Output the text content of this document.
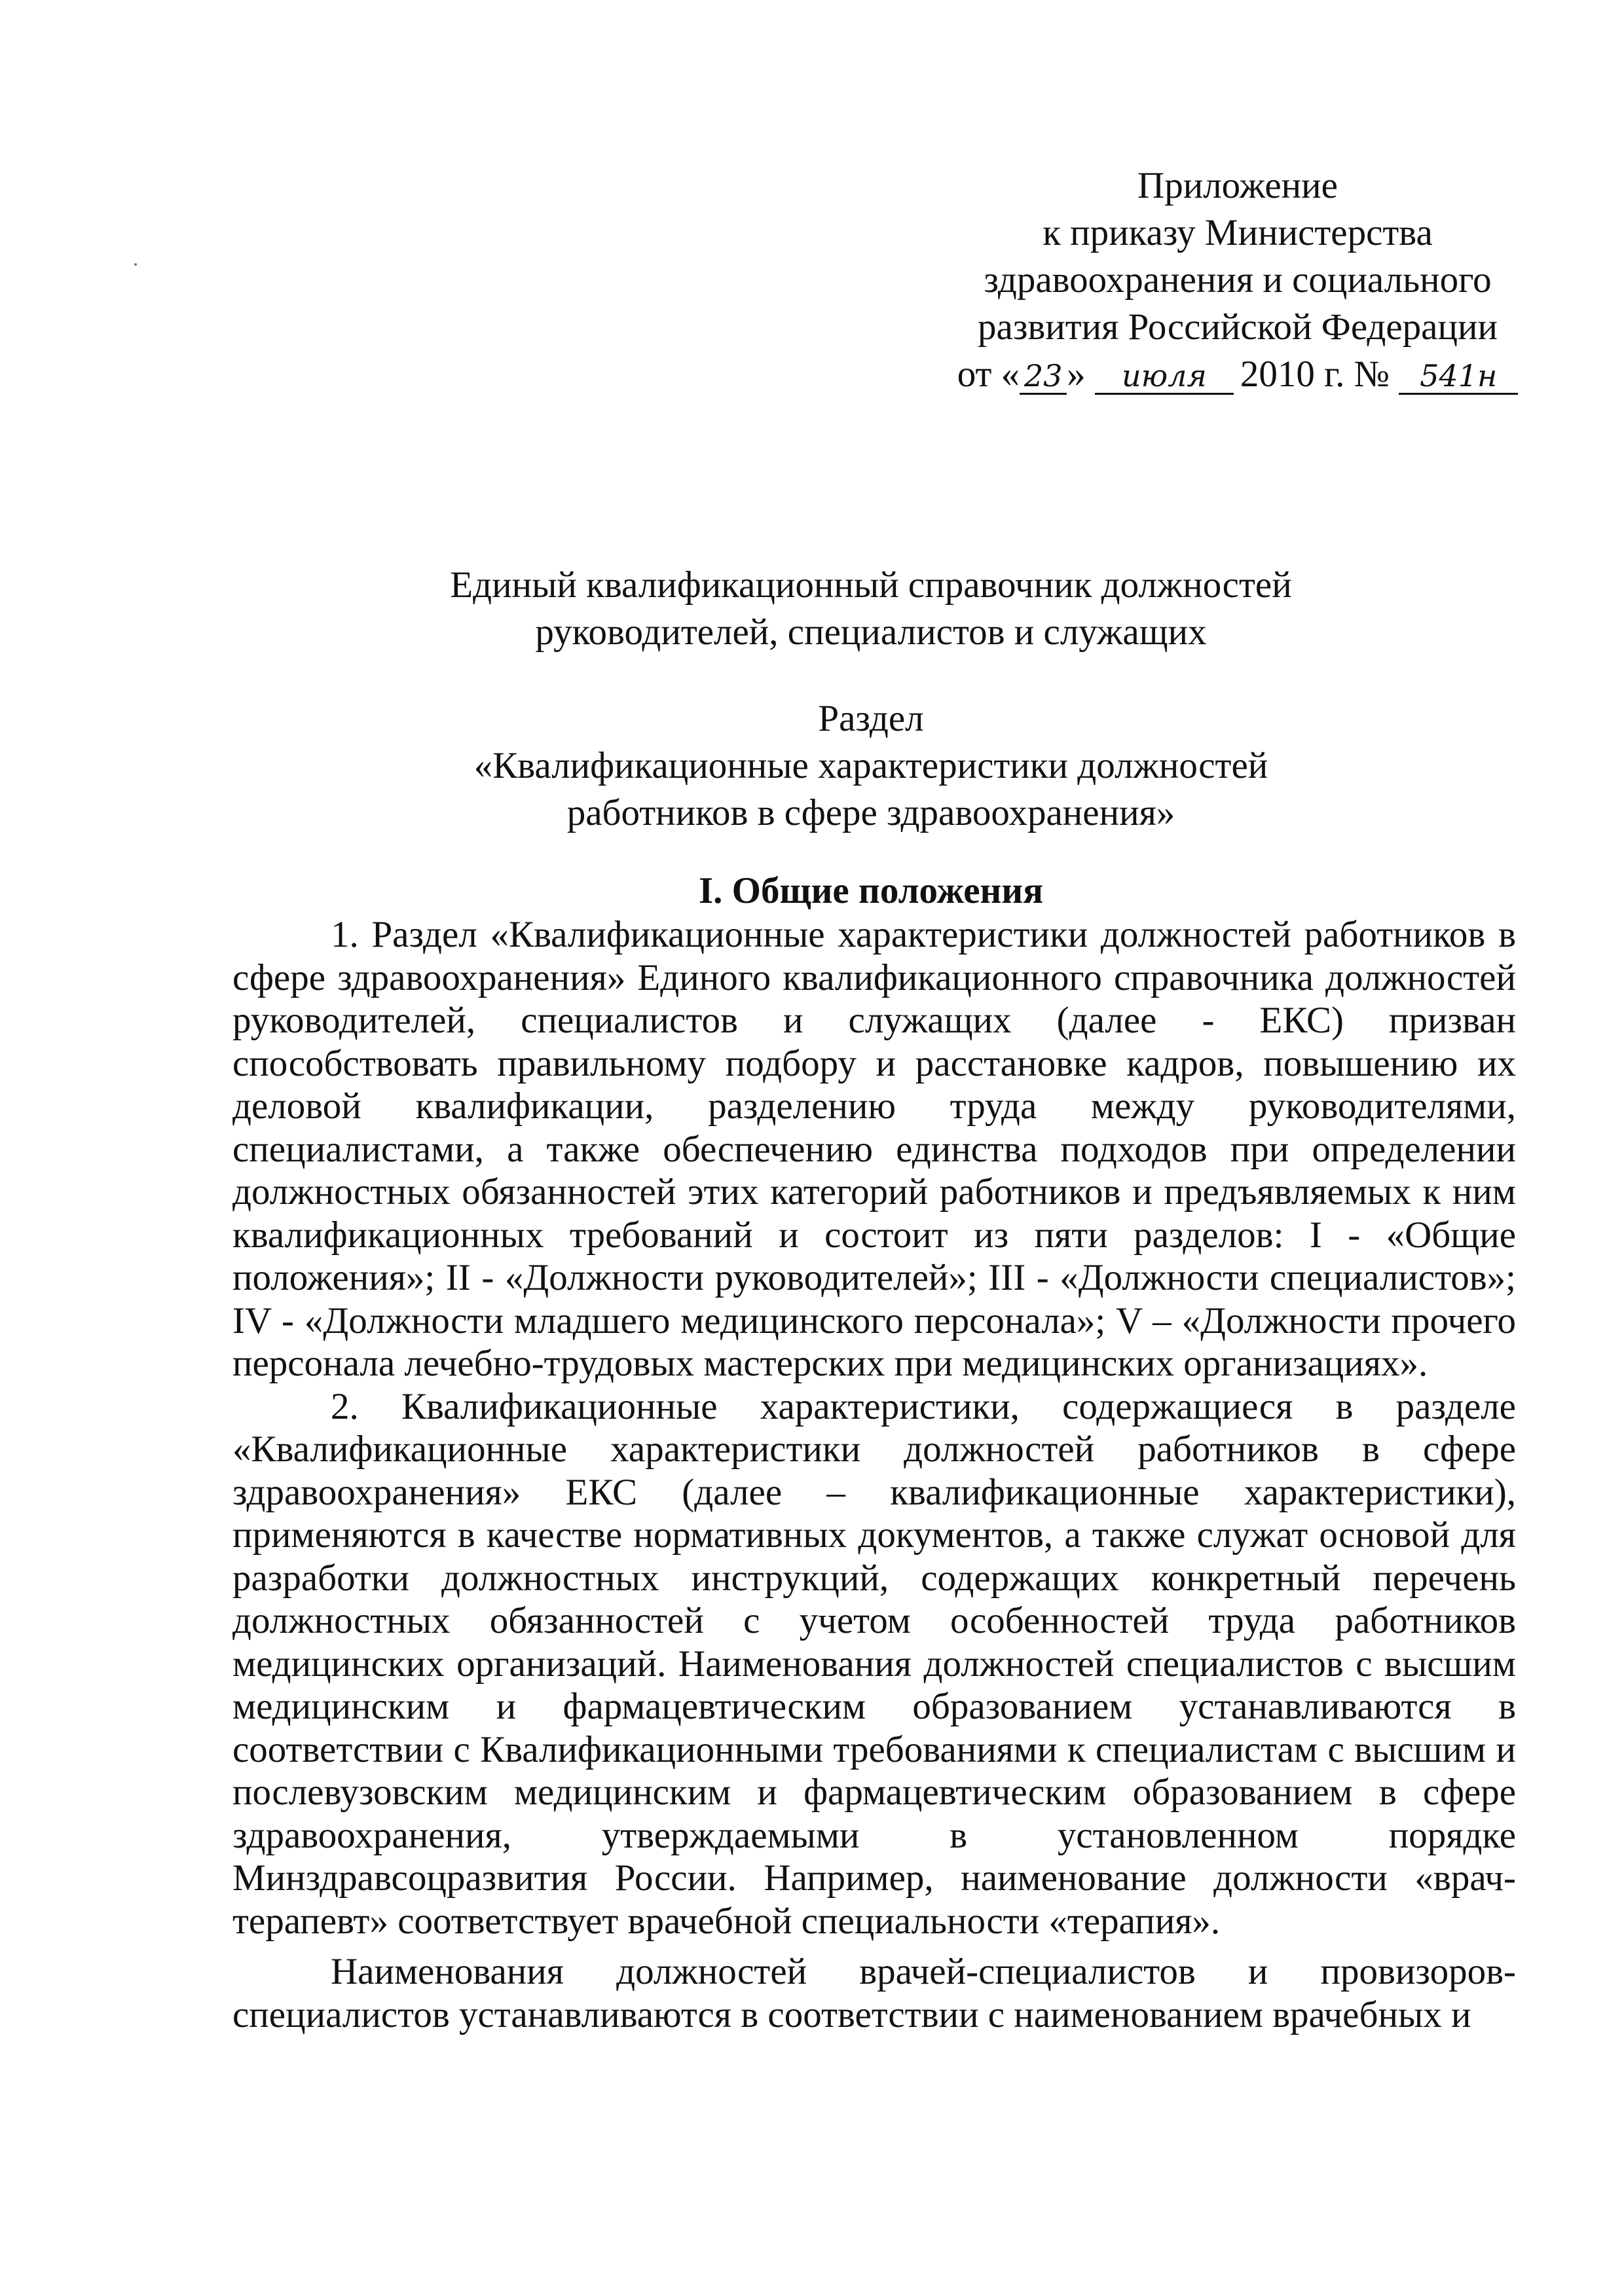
Приложение
к приказу Министерства
здравоохранения и социального
развития Российской Федерации
от « 23 » июля 2010 г. № 541н
Единый квалификационный справочник должностей
руководителей, специалистов и служащих
Раздел
«Квалификационные характеристики должностей
работников в сфере здравоохранения»
I. Общие положения

1. Раздел «Квалификационные характеристики должностей работников в сфере здравоохранения» Единого квалификационного справочника должностей руководителей, специалистов и служащих (далее - ЕКС) призван способствовать правильному подбору и расстановке кадров, повышению их деловой квалификации, разделению труда между руководителями, специалистами, а также обеспечению единства подходов при определении должностных обязанностей этих категорий работников и предъявляемых к ним квалификационных требований и состоит из пяти разделов: I - «Общие положения»; II - «Должности руководителей»; III - «Должности специалистов»; IV - «Должности младшего медицинского персонала»; V – «Должности прочего персонала лечебно-трудовых мастерских при медицинских организациях».

2. Квалификационные характеристики, содержащиеся в разделе «Квалификационные характеристики должностей работников в сфере здравоохранения» ЕКС (далее – квалификационные характеристики), применяются в качестве нормативных документов, а также служат основой для разработки должностных инструкций, содержащих конкретный перечень должностных обязанностей с учетом особенностей труда работников медицинских организаций. Наименования должностей специалистов с высшим медицинским и фармацевтическим образованием устанавливаются в соответствии с Квалификационными требованиями к специалистам с высшим и послевузовским медицинским и фармацевтическим образованием в сфере здравоохранения, утверждаемыми в установленном порядке Минздравсоцразвития России. Например, наименование должности «врач-терапевт» соответствует врачебной специальности «терапия».

Наименования должностей врачей-специалистов и провизоров-специалистов устанавливаются в соответствии с наименованием врачебных и
